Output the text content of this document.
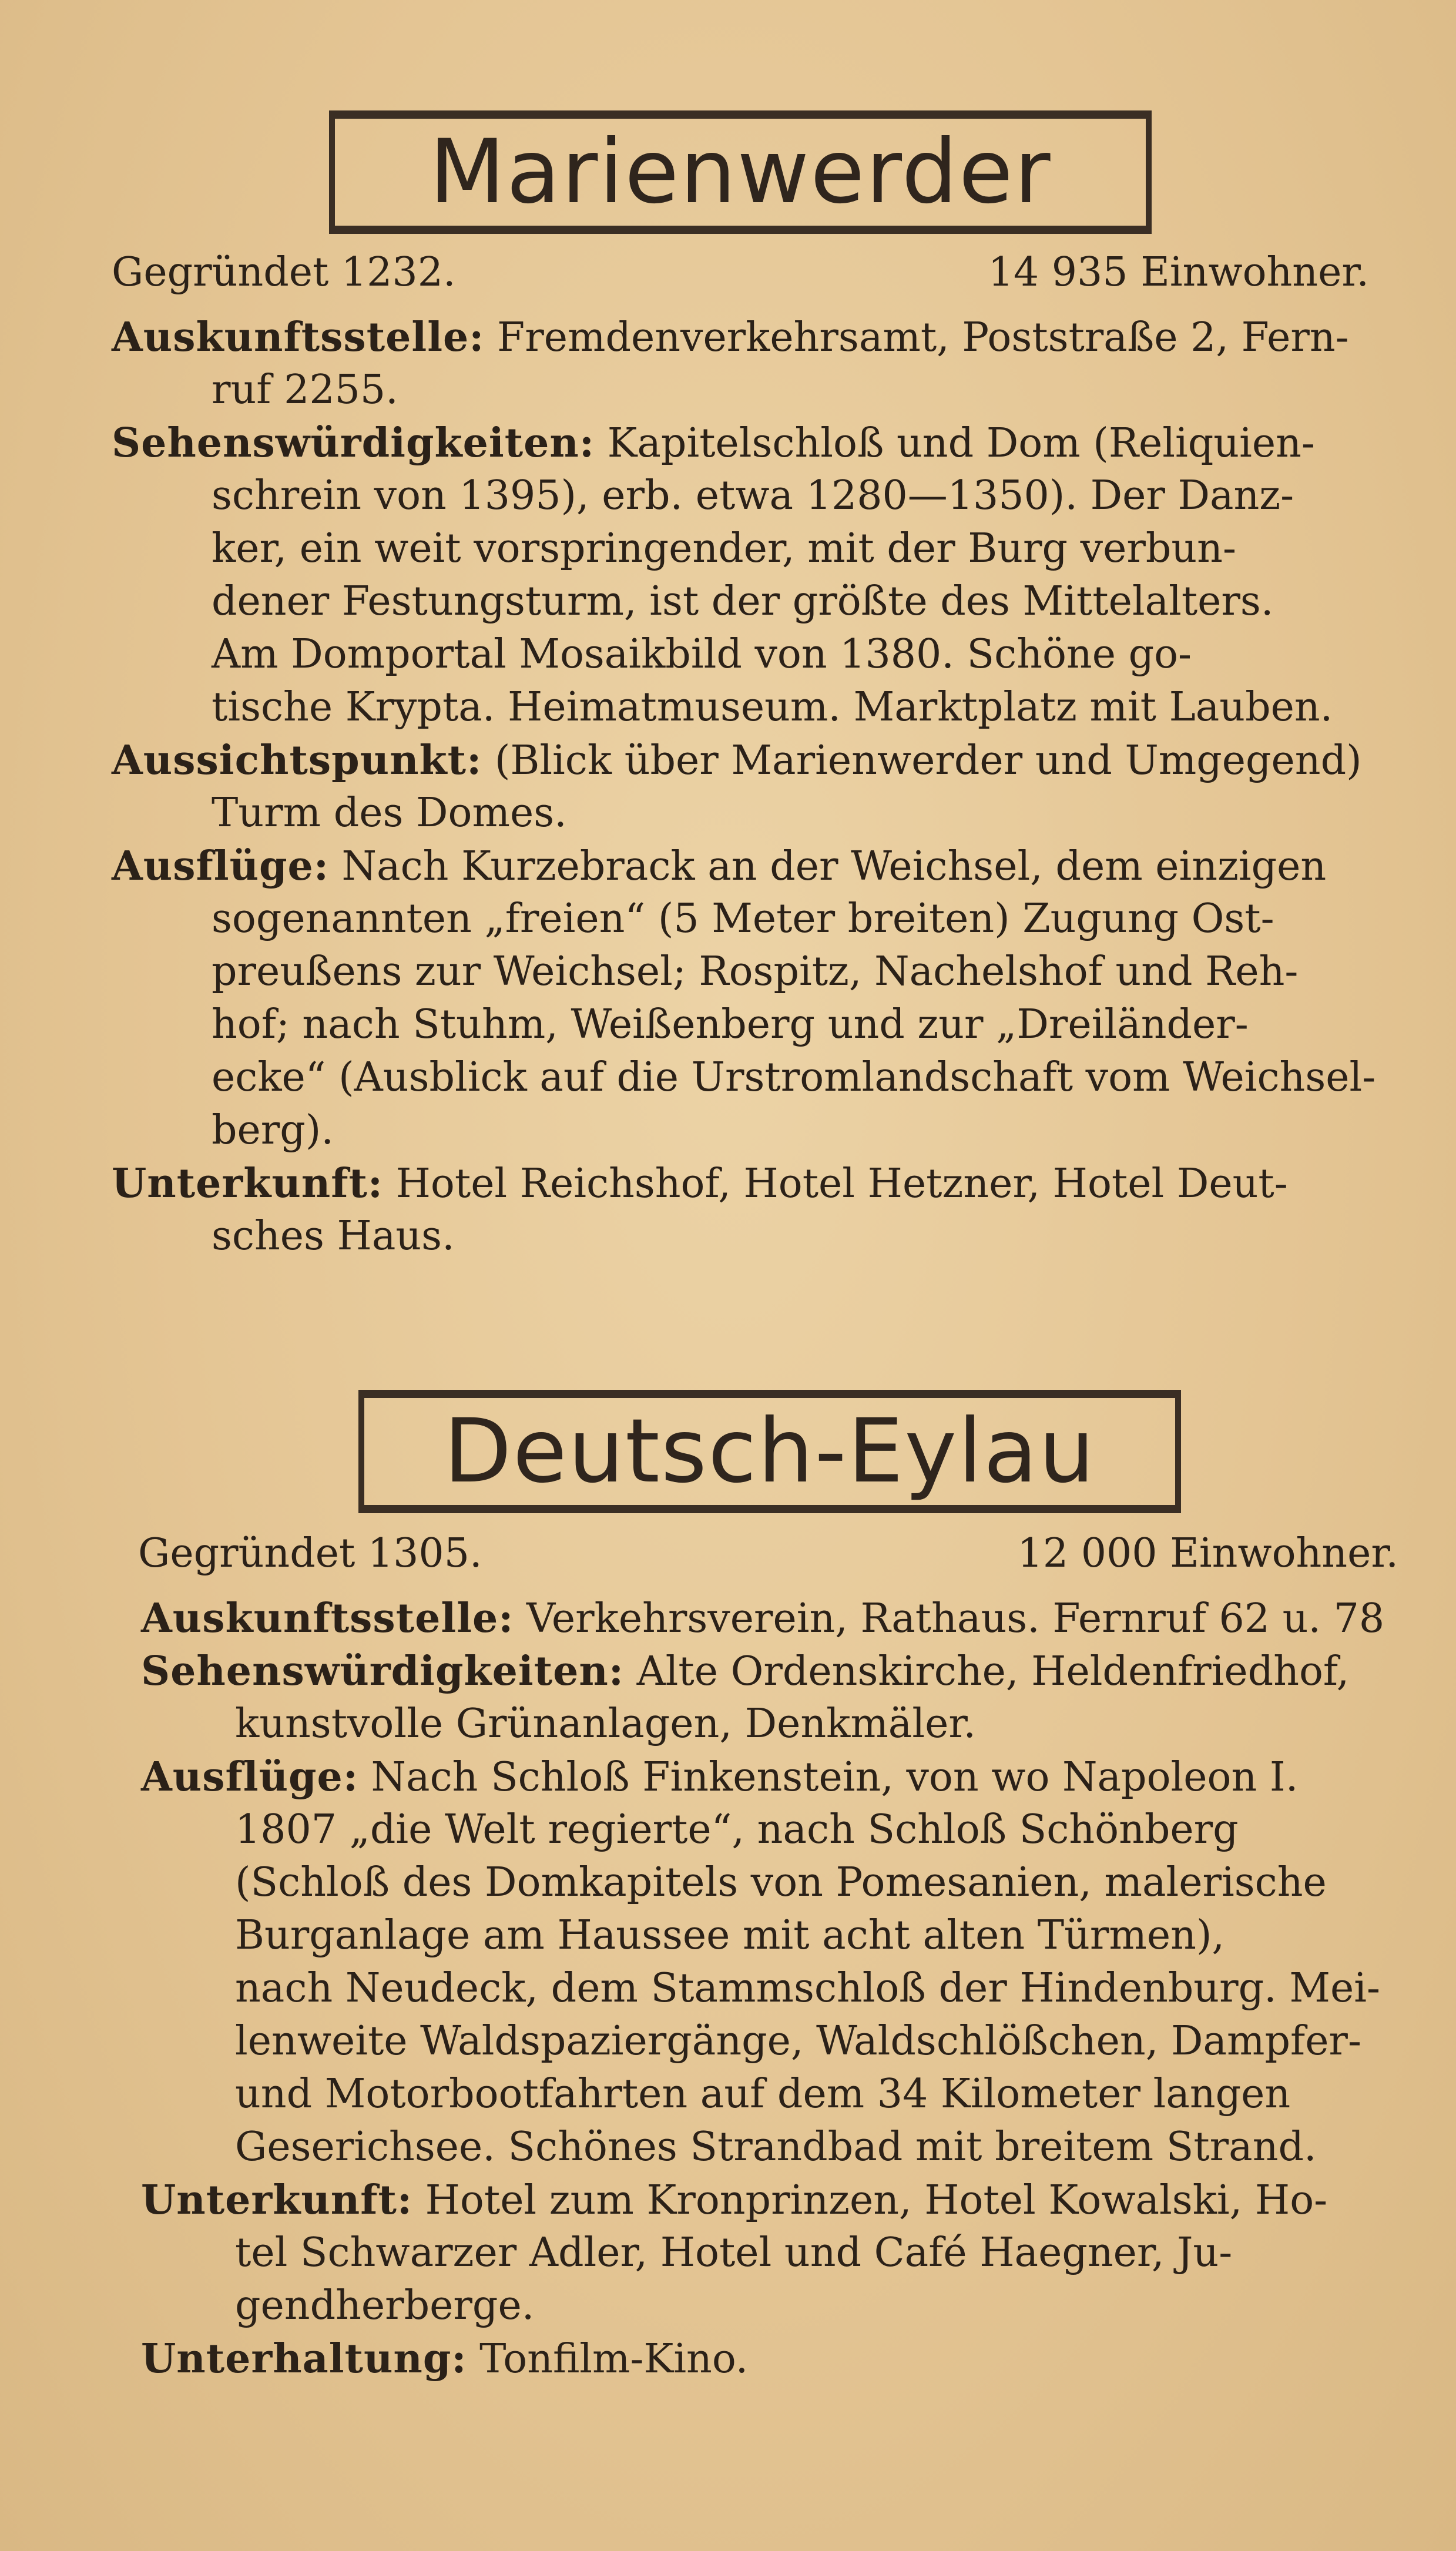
Marienwerder
Gegründet 1232.	14 935 Einwohner.
Auskunftsstelle: Fremdenverkehrsamt, Poststraße 2, Fern-
ruf 2255.
Sehenswürdigkeiten: Kapitelschloß und Dom (Reliquien-
schrein von 1395), erb. etwa 1280—1350). Der Danz-
ker, ein weit vorspringender, mit der Burg verbun-
dener Festungsturm, ist der größte des Mittelalters.
Am Domportal Mosaikbild von 1380. Schöne go-
tische Krypta. Heimatmuseum. Marktplatz mit Lauben.
Aussichtspunkt: (Blick über Marienwerder und Umgegend)
Turm des Domes.
Ausflüge: Nach Kurzebrack an der Weichsel, dem einzigen
sogenannten „freien“ (5 Meter breiten) Zugung Ost-
preußens zur Weichsel; Rospitz, Nachelshof und Reh-
hof; nach Stuhm, Weißenberg und zur „Dreiländer-
ecke“ (Ausblick auf die Urstromlandschaft vom Weichsel-
berg).
Unterkunft: Hotel Reichshof, Hotel Hetzner, Hotel Deut-
sches Haus.
Deutsch-Eylau
Gegründet 1305.	12 000 Einwohner.
Auskunftsstelle: Verkehrsverein, Rathaus. Fernruf 62 u. 78
Sehenswürdigkeiten: Alte Ordenskirche, Heldenfriedhof,
kunstvolle Grünanlagen, Denkmäler.
Ausflüge: Nach Schloß Finkenstein, von wo Napoleon I.
1807 „die Welt regierte“, nach Schloß Schönberg
(Schloß des Domkapitels von Pomesanien, malerische
Burganlage am Haussee mit acht alten Türmen),
nach Neudeck, dem Stammschloß der Hindenburg. Mei-
lenweite Waldspaziergänge, Waldschlößchen, Dampfer-
und Motorbootfahrten auf dem 34 Kilometer langen
Geserichsee. Schönes Strandbad mit breitem Strand.
Unterkunft: Hotel zum Kronprinzen, Hotel Kowalski, Ho-
tel Schwarzer Adler, Hotel und Café Haegner, Ju-
gendherberge.
Unterhaltung: Tonfilm-Kino.
